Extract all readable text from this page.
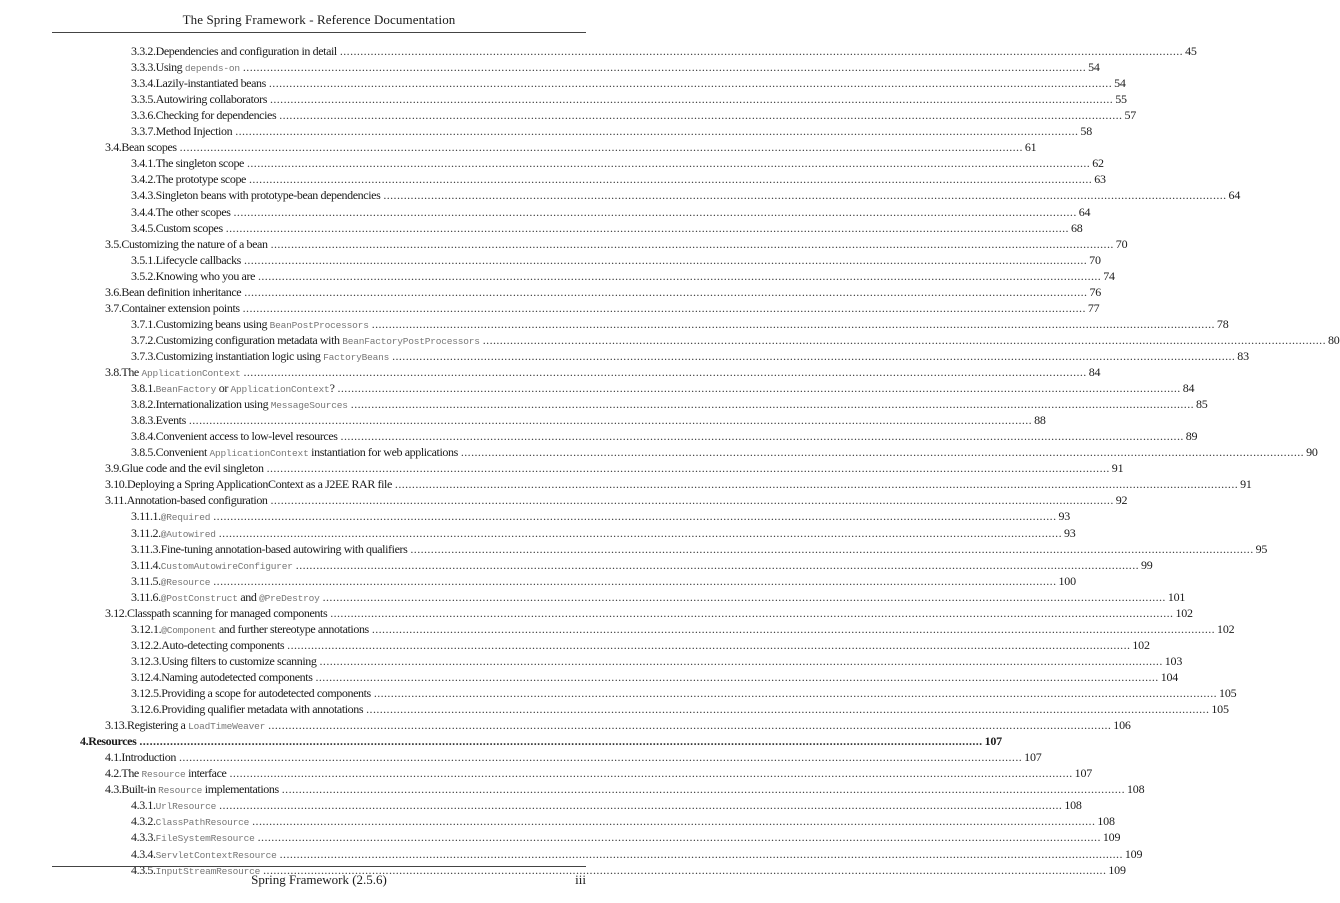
The Spring Framework - Reference Documentation
3.3.2. Dependencies and configuration in detail .....	45
3.3.3. Using depends-on .....	54
3.3.4. Lazily-instantiated beans .....	54
3.3.5. Autowiring collaborators .....	55
3.3.6. Checking for dependencies .....	57
3.3.7. Method Injection .....	58
3.4. Bean scopes .....	61
3.4.1. The singleton scope .....	62
3.4.2. The prototype scope .....	63
3.4.3. Singleton beans with prototype-bean dependencies .....	64
3.4.4. The other scopes .....	64
3.4.5. Custom scopes .....	68
3.5. Customizing the nature of a bean .....	70
3.5.1. Lifecycle callbacks .....	70
3.5.2. Knowing who you are .....	74
3.6. Bean definition inheritance .....	76
3.7. Container extension points .....	77
3.7.1. Customizing beans using BeanPostProcessors .....	78
3.7.2. Customizing configuration metadata with BeanFactoryPostProcessors .....	80
3.7.3. Customizing instantiation logic using FactoryBeans .....	83
3.8. The ApplicationContext .....	84
3.8.1. BeanFactory or ApplicationContext? .....	84
3.8.2. Internationalization using MessageSources .....	85
3.8.3. Events .....	88
3.8.4. Convenient access to low-level resources .....	89
3.8.5. Convenient ApplicationContext instantiation for web applications .....	90
3.9. Glue code and the evil singleton .....	91
3.10. Deploying a Spring ApplicationContext as a J2EE RAR file .....	91
3.11. Annotation-based configuration .....	92
3.11.1. @Required .....	93
3.11.2. @Autowired .....	93
3.11.3. Fine-tuning annotation-based autowiring with qualifiers .....	95
3.11.4. CustomAutowireConfigurer .....	99
3.11.5. @Resource .....	100
3.11.6. @PostConstruct and @PreDestroy .....	101
3.12. Classpath scanning for managed components .....	102
3.12.1. @Component and further stereotype annotations .....	102
3.12.2. Auto-detecting components .....	102
3.12.3. Using filters to customize scanning .....	103
3.12.4. Naming autodetected components .....	104
3.12.5. Providing a scope for autodetected components .....	105
3.12.6. Providing qualifier metadata with annotations .....	105
3.13. Registering a LoadTimeWeaver .....	106
4. Resources .....	107
4.1. Introduction .....	107
4.2. The Resource interface .....	107
4.3. Built-in Resource implementations .....	108
4.3.1. UrlResource .....	108
4.3.2. ClassPathResource .....	108
4.3.3. FileSystemResource .....	109
4.3.4. ServletContextResource .....	109
4.3.5. InputStreamResource .....	109
Spring Framework (2.5.6)	iii
